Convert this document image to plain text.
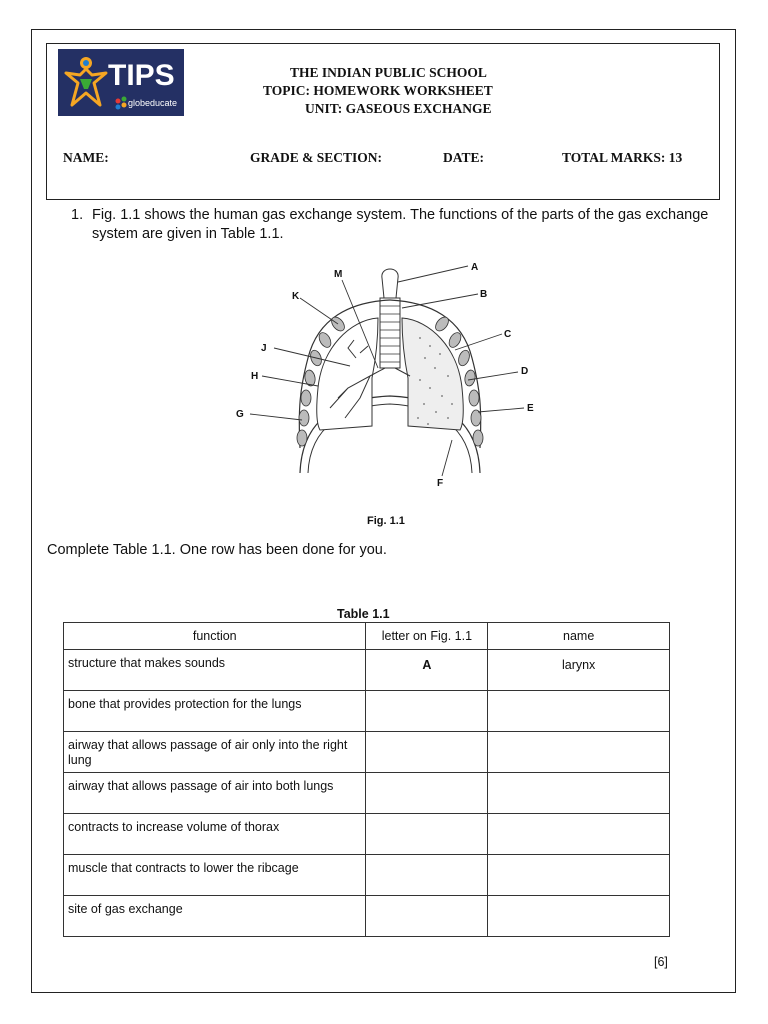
TIPS
globeducate
THE INDIAN PUBLIC SCHOOL
TOPIC: HOMEWORK WORKSHEET
UNIT: GASEOUS EXCHANGE
NAME:	GRADE & SECTION:	DATE:	TOTAL MARKS: 13
1. Fig. 1.1 shows the human gas exchange system. The functions of the parts of the gas exchange system are given in Table 1.1.
A
B
C
D
E
F
G
H
J
K
M
Fig. 1.1
Complete Table 1.1. One row has been done for you.
Table 1.1
function	letter on Fig. 1.1	name
structure that makes sounds	A	larynx
bone that provides protection for the lungs		
airway that allows passage of air only into the right lung		
airway that allows passage of air into both lungs		
contracts to increase volume of thorax		
muscle that contracts to lower the ribcage		
site of gas exchange		
[6]
